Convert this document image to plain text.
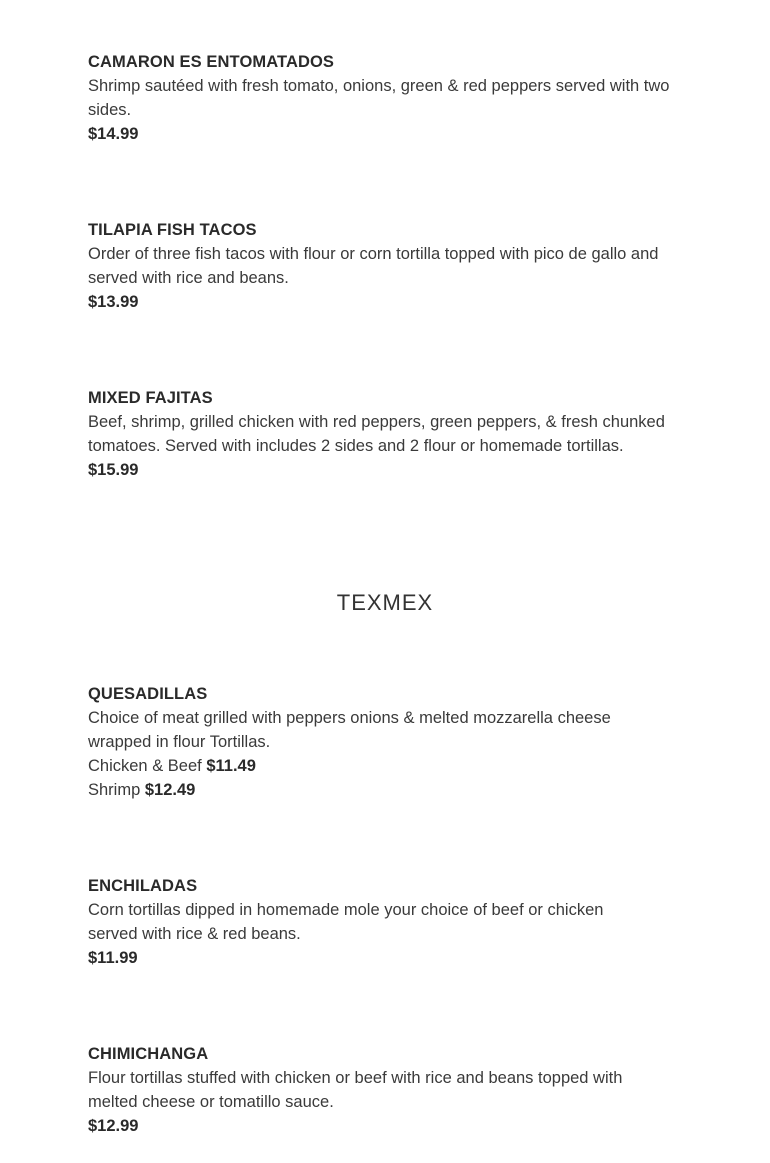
CAMARON ES ENTOMATADOS
Shrimp sautéed with fresh tomato, onions, green & red peppers served with two sides.
$14.99
TILAPIA FISH TACOS
Order of three fish tacos with flour or corn tortilla topped with pico de gallo and served with rice and beans.
$13.99
MIXED FAJITAS
Beef, shrimp, grilled chicken with red peppers, green peppers, & fresh chunked tomatoes. Served with includes 2 sides and 2 flour or homemade tortillas.
$15.99
TEXMEX
QUESADILLAS
Choice of meat grilled with peppers onions & melted mozzarella cheese wrapped in flour Tortillas.
Chicken & Beef $11.49
Shrimp $12.49
ENCHILADAS
Corn tortillas dipped in homemade mole your choice of beef or chicken served with rice & red beans.
$11.99
CHIMICHANGA
Flour tortillas stuffed with chicken or beef with rice and beans topped with melted cheese or tomatillo sauce.
$12.99
